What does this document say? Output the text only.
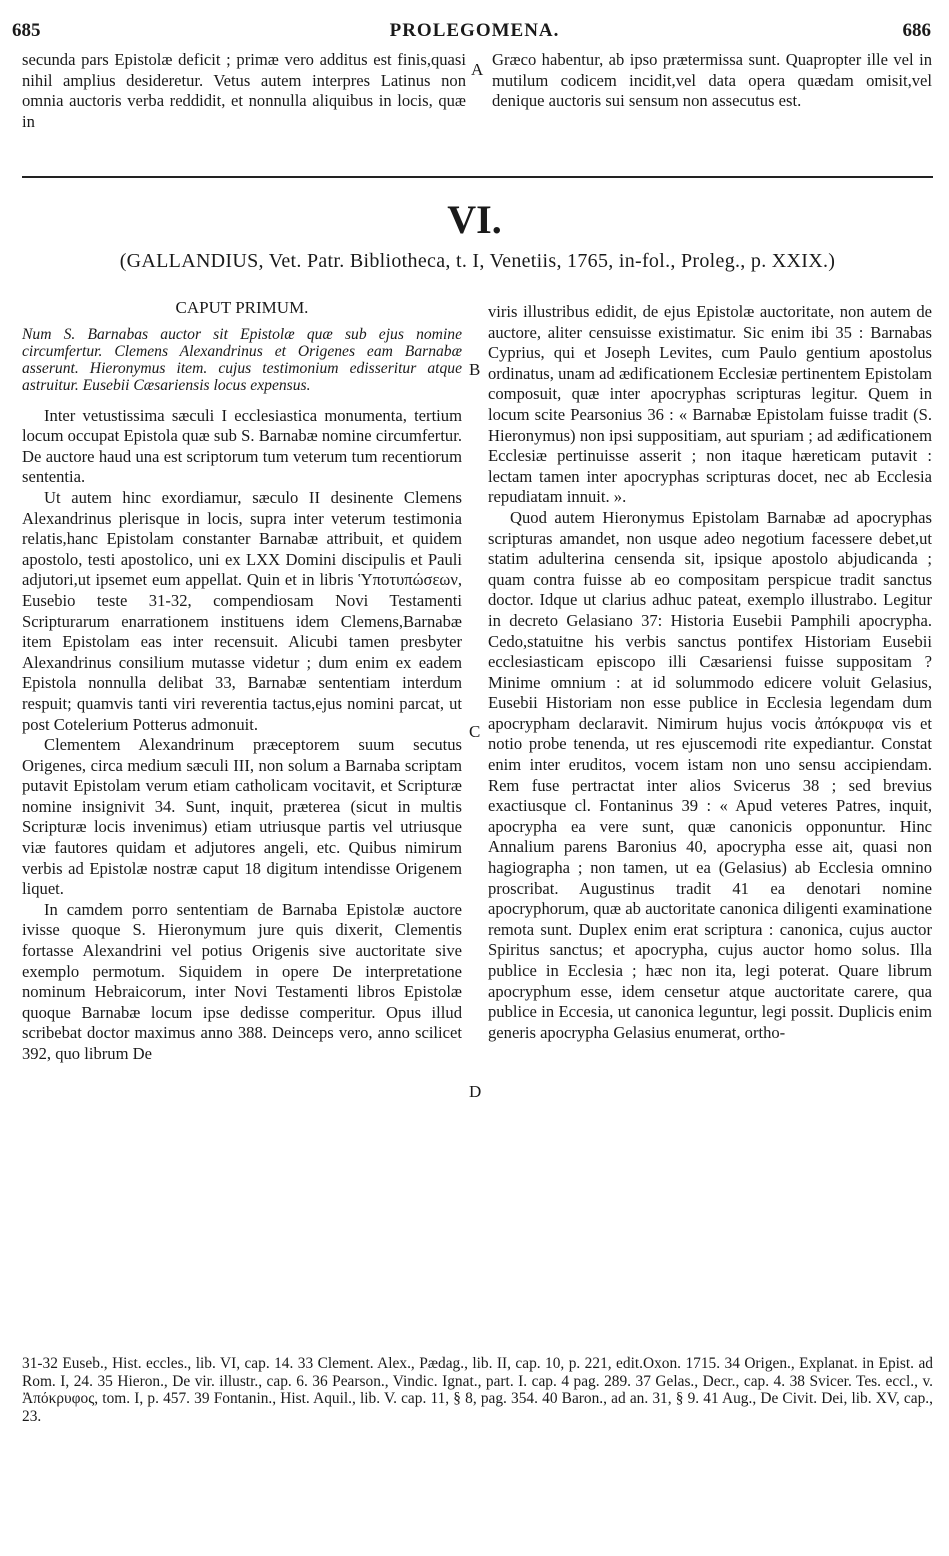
685	PROLEGOMENA.	686
secunda pars Epistolæ deficit ; primæ vero additus est finis,quasi nihil amplius desideretur. Vetus autem interpres Latinus non omnia auctoris verba reddidit, et nonnulla aliquibus in locis, quæ in
Græco habentur, ab ipso prætermissa sunt. Quapropter ille vel in mutilum codicem incidit,vel data opera quædam omisit,vel denique auctoris sui sensum non assecutus est.
A
VI.
(GALLANDIUS, Vet. Patr. Bibliotheca, t. I, Venetiis, 1765, in-fol., Proleg., p. XXIX.)
CAPUT PRIMUM.
Num S. Barnabas auctor sit Epistolæ quæ sub ejus nomine circumfertur. Clemens Alexandrinus et Origenes eam Barnabæ asserunt. Hieronymus item. cujus testimonium edisseritur atque astruitur. Eusebii Cæsariensis locus expensus.

Inter vetustissima sæculi I ecclesiastica monumenta, tertium locum occupat Epistola quæ sub S. Barnabæ nomine circumfertur. De auctore haud una est scriptorum tum veterum tum recentiorum sententia.

Ut autem hinc exordiamur, sæculo II desinente Clemens Alexandrinus plerisque in locis, supra inter veterum testimonia relatis,hanc Epistolam constanter Barnabæ attribuit, et quidem apostolo, testi apostolico, uni ex LXX Domini discipulis et Pauli adjutori,ut ipsemet eum appellat. Quin et in libris Ὑποτυπώσεων, Eusebio teste 31-32, compendiosam Novi Testamenti Scripturarum enarrationem instituens idem Clemens,Barnabæ item Epistolam eas inter recensuit. Alicubi tamen presbyter Alexandrinus consilium mutasse videtur ; dum enim ex eadem Epistola nonnulla delibat 33, Barnabæ sententiam interdum respuit; quamvis tanti viri reverentia tactus,ejus nomini parcat, ut post Cotelerium Potterus admonuit.

Clementem Alexandrinum præceptorem suum secutus Origenes, circa medium sæculi III, non solum a Barnaba scriptam putavit Epistolam verum etiam catholicam vocitavit, et Scripturæ nomine insignivit 34. Sunt, inquit, præterea (sicut in multis Scripturæ locis invenimus) etiam utriusque partis vel utriusque viæ fautores quidam et adjutores angeli, etc. Quibus nimirum verbis ad Epistolæ nostræ caput 18 digitum intendisse Origenem liquet.

In camdem porro sententiam de Barnaba Epistolæ auctore ivisse quoque S. Hieronymum jure quis dixerit, Clementis fortasse Alexandrini vel potius Origenis sive auctoritate sive exemplo permotum. Siquidem in opere De interpretatione nominum Hebraicorum, inter Novi Testamenti libros Epistolæ quoque Barnabæ locum ipse dedisse comperitur. Opus illud scribebat doctor maximus anno 388. Deinceps vero, anno scilicet 392, quo librum De

B
C
D

viris illustribus edidit, de ejus Epistolæ auctoritate, non autem de auctore, aliter censuisse existimatur. Sic enim ibi 35 : Barnabas Cyprius, qui et Joseph Levites, cum Paulo gentium apostolus ordinatus, unam ad ædificationem Ecclesiæ pertinentem Epistolam composuit, quæ inter apocryphas scripturas legitur. Quem in locum scite Pearsonius 36 : « Barnabæ Epistolam fuisse tradit (S. Hieronymus) non ipsi suppositiam, aut spuriam ; ad ædificationem Ecclesiæ pertinuisse asserit ; non itaque hæreticam putavit : lectam tamen inter apocryphas scripturas docet, nec ab Ecclesia repudiatam innuit. ».

Quod autem Hieronymus Epistolam Barnabæ ad apocryphas scripturas amandet, non usque adeo negotium facessere debet,ut statim adulterina censenda sit, ipsique apostolo abjudicanda ; quam contra fuisse ab eo compositam perspicue tradit sanctus doctor. Idque ut clarius adhuc pateat, exemplo illustrabo. Legitur in decreto Gelasiano 37: Historia Eusebii Pamphili apocrypha. Cedo,statuitne his verbis sanctus pontifex Historiam Eusebii ecclesiasticam episcopo illi Cæsariensi fuisse suppositam ? Minime omnium : at id solummodo edicere voluit Gelasius, Eusebii Historiam non esse publice in Ecclesia legendam dum apocrypham declaravit. Nimirum hujus vocis ἀπόκρυφα vis et notio probe tenenda, ut res ejuscemodi rite expediantur. Constat enim inter eruditos, vocem istam non uno sensu accipiendam. Rem fuse pertractat inter alios Svicerus 38 ; sed brevius exactiusque cl. Fontaninus 39 : « Apud veteres Patres, inquit, apocrypha ea vere sunt, quæ canonicis opponuntur. Hinc Annalium parens Baronius 40, apocrypha esse ait, quasi non hagiographa ; non tamen, ut ea (Gelasius) ab Ecclesia omnino proscribat. Augustinus tradit 41 ea denotari nomine apocryphorum, quæ ab auctoritate canonica diligenti examinatione remota sunt. Duplex enim erat scriptura : canonica, cujus auctor Spiritus sanctus; et apocrypha, cujus auctor homo solus. Illa publice in Ecclesia ; hæc non ita, legi poterat. Quare librum apocryphum esse, idem censetur atque auctoritate carere, qua publice in Eccesia, ut canonica leguntur, legi possit. Duplicis enim generis apocrypha Gelasius enumerat, ortho-

31-32 Euseb., Hist. eccles., lib. VI, cap. 14. 33 Clement. Alex., Pædag., lib. II, cap. 10, p. 221, edit.Oxon. 1715. 34 Origen., Explanat. in Epist. ad Rom. I, 24. 35 Hieron., De vir. illustr., cap. 6. 36 Pearson., Vindic. Ignat., part. I. cap. 4 pag. 289. 37 Gelas., Decr., cap. 4. 38 Svicer. Tes. eccl., v. Ἀπόκρυφος, tom. I, p. 457. 39 Fontanin., Hist. Aquil., lib. V. cap. 11, § 8, pag. 354. 40 Baron., ad an. 31, § 9. 41 Aug., De Civit. Dei, lib. XV, cap., 23.
